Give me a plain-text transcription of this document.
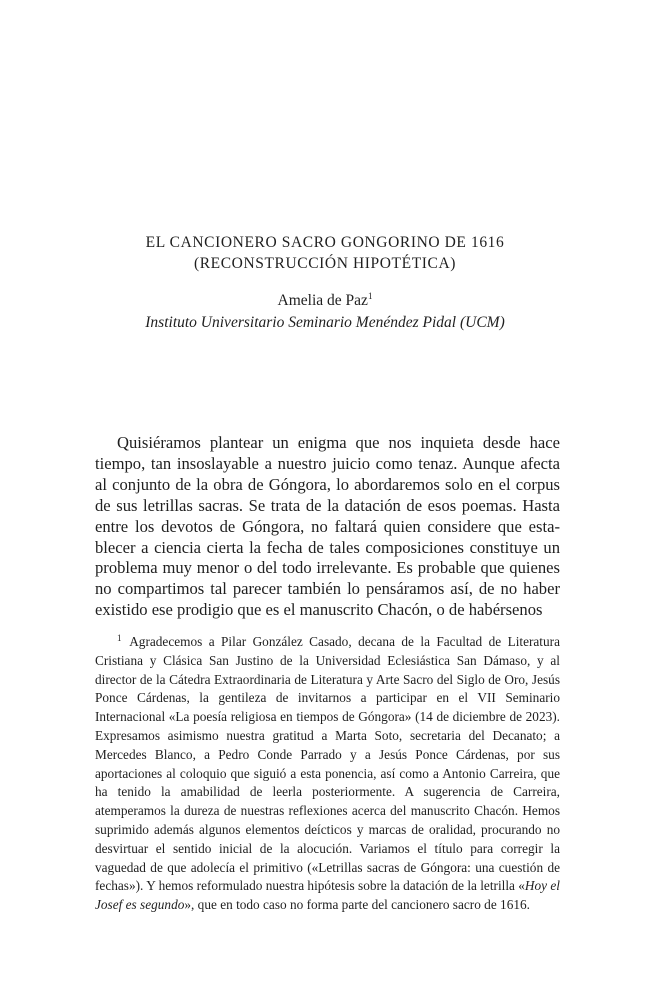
EL CANCIONERO SACRO GONGORINO DE 1616
(RECONSTRUCCIÓN HIPOTÉTICA)
Amelia de Paz$^1$
Instituto Universitario Seminario Menéndez Pidal (UCM)

Quisiéramos plantear un enigma que nos inquieta desde hace tiempo, tan insoslayable a nuestro juicio como tenaz. Aunque afecta al conjunto de la obra de Góngora, lo abordaremos solo en el corpus de sus letrillas sacras. Se trata de la datación de esos poemas. Hasta entre los devotos de Góngora, no faltará quien considere que establecer a ciencia cierta la fecha de tales composiciones constituye un problema muy menor o del todo irrelevante. Es probable que quienes no compartimos tal parecer también lo pensáramos así, de no haber existido ese prodigio que es el manuscrito Chacón, o de habérsenos

$^1$ Agradecemos a Pilar González Casado, decana de la Facultad de Literatura Cristiana y Clásica San Justino de la Universidad Eclesiástica San Dámaso, y al director de la Cátedra Extraordinaria de Literatura y Arte Sacro del Siglo de Oro, Jesús Ponce Cárdenas, la gentileza de invitarnos a participar en el VII Seminario Internacional «La poesía religiosa en tiempos de Góngora» (14 de diciembre de 2023). Expresamos asimismo nuestra gratitud a Marta Soto, secretaria del Decanato; a Mercedes Blanco, a Pedro Conde Parrado y a Jesús Ponce Cárdenas, por sus aportaciones al coloquio que siguió a esta ponencia, así como a Antonio Carreira, que ha tenido la amabilidad de leerla posteriormente. A sugerencia de Carreira, atemperamos la dureza de nuestras reflexiones acerca del manuscrito Chacón. Hemos suprimido además algunos elementos deícticos y marcas de oralidad, procurando no desvirtuar el sentido inicial de la alocución. Variamos el título para corregir la vaguedad de que adolecía el primitivo («Letrillas sacras de Góngora: una cuestión de fechas»). Y hemos reformulado nuestra hipótesis sobre la datación de la letrilla «Hoy el Josef es segundo», que en todo caso no forma parte del cancionero sacro de 1616.
